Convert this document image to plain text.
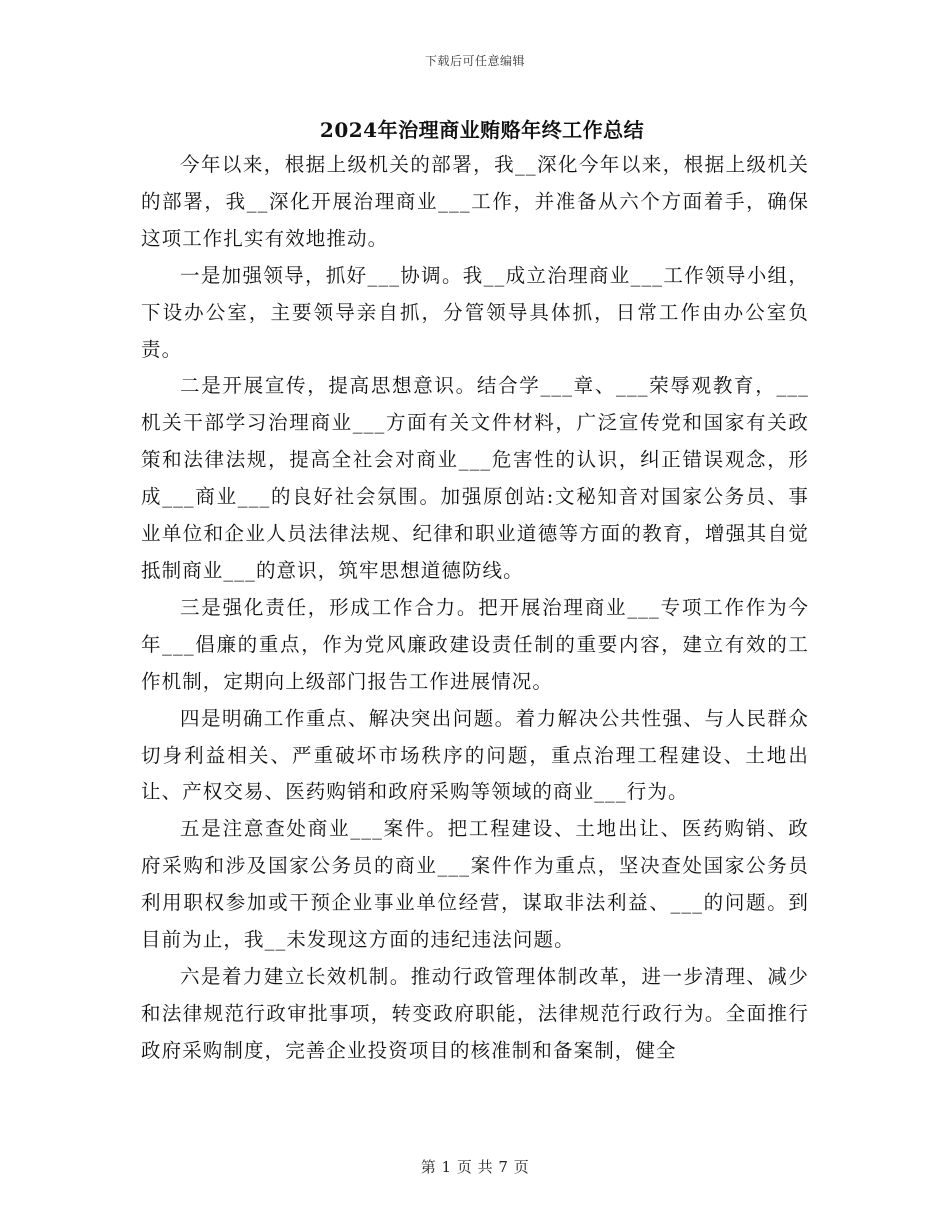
下载后可任意编辑
2024年治理商业贿赂年终工作总结

今年以来，根据上级机关的部署，我__深化今年以来，根据上级机关的部署，我__深化开展治理商业___工作，并准备从六个方面着手，确保这项工作扎实有效地推动。

一是加强领导，抓好___协调。我__成立治理商业___工作领导小组，下设办公室，主要领导亲自抓，分管领导具体抓，日常工作由办公室负责。

二是开展宣传，提高思想意识。结合学___章、___荣辱观教育，___机关干部学习治理商业___方面有关文件材料，广泛宣传党和国家有关政策和法律法规，提高全社会对商业___危害性的认识，纠正错误观念，形成___商业___的良好社会氛围。加强原创站:文秘知音对国家公务员、事业单位和企业人员法律法规、纪律和职业道德等方面的教育，增强其自觉抵制商业___的意识，筑牢思想道德防线。

三是强化责任，形成工作合力。把开展治理商业___专项工作作为今年___倡廉的重点，作为党风廉政建设责任制的重要内容，建立有效的工作机制，定期向上级部门报告工作进展情况。

四是明确工作重点、解决突出问题。着力解决公共性强、与人民群众切身利益相关、严重破坏市场秩序的问题，重点治理工程建设、土地出让、产权交易、医药购销和政府采购等领域的商业___行为。

五是注意查处商业___案件。把工程建设、土地出让、医药购销、政府采购和涉及国家公务员的商业___案件作为重点，坚决查处国家公务员利用职权参加或干预企业事业单位经营，谋取非法利益、___的问题。到目前为止，我__未发现这方面的违纪违法问题。

六是着力建立长效机制。推动行政管理体制改革，进一步清理、减少和法律规范行政审批事项，转变政府职能，法律规范行政行为。全面推行政府采购制度，完善企业投资项目的核准制和备案制，健全

第 1 页 共 7 页
